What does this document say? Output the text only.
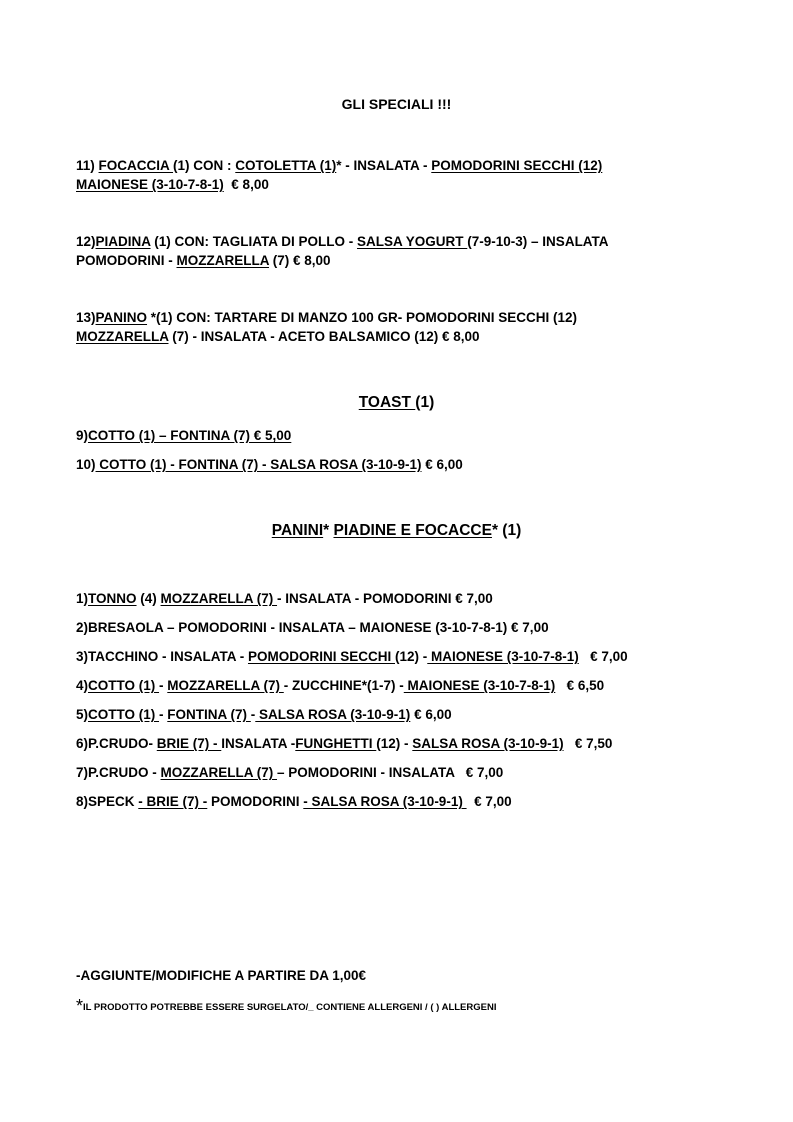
GLI SPECIALI !!!
11) FOCACCIA (1) CON : COTOLETTA (1)* - INSALATA - POMODORINI SECCHI (12)
MAIONESE (3-10-7-8-1)  € 8,00
12)PIADINA (1) CON: TAGLIATA DI POLLO - SALSA YOGURT (7-9-10-3) – INSALATA
POMODORINI - MOZZARELLA (7) € 8,00
13)PANINO *(1) CON: TARTARE DI MANZO 100 GR- POMODORINI SECCHI (12)
MOZZARELLA (7) - INSALATA - ACETO BALSAMICO (12) € 8,00
TOAST (1)
9)COTTO (1) – FONTINA (7) € 5,00
10) COTTO (1) - FONTINA (7) - SALSA ROSA (3-10-9-1) € 6,00
PANINI* PIADINE E FOCACCE* (1)
1)TONNO (4) MOZZARELLA (7) - INSALATA - POMODORINI € 7,00
2)BRESAOLA – POMODORINI - INSALATA – MAIONESE (3-10-7-8-1) € 7,00
3)TACCHINO - INSALATA - POMODORINI SECCHI (12) - MAIONESE (3-10-7-8-1)   € 7,00
4)COTTO (1) - MOZZARELLA (7) - ZUCCHINE*(1-7) - MAIONESE (3-10-7-8-1)   € 6,50
5)COTTO (1) - FONTINA (7) - SALSA ROSA (3-10-9-1) € 6,00
6)P.CRUDO- BRIE (7) - INSALATA -FUNGHETTI (12) - SALSA ROSA (3-10-9-1)   € 7,50
7)P.CRUDO - MOZZARELLA (7) – POMODORINI - INSALATA   € 7,00
8)SPECK - BRIE (7) - POMODORINI - SALSA ROSA (3-10-9-1)   € 7,00
-AGGIUNTE/MODIFICHE A PARTIRE DA 1,00€
*IL PRODOTTO POTREBBE ESSERE SURGELATO/_ CONTIENE ALLERGENI / ( ) ALLERGENI
